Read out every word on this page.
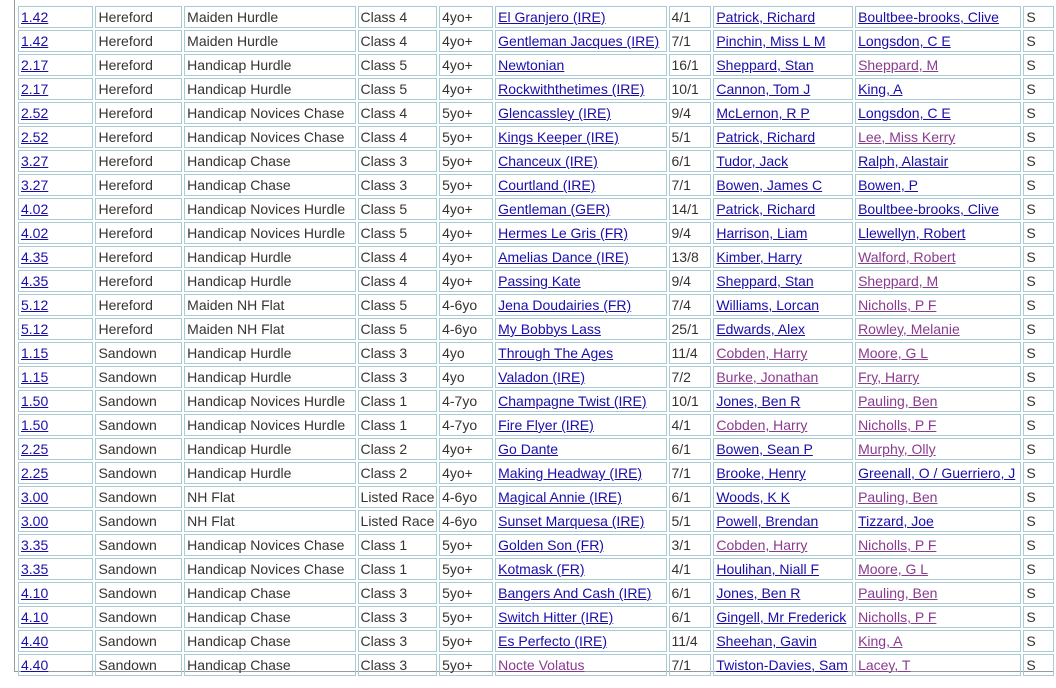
1.42	Hereford	Maiden Hurdle	Class 4	4yo+	El Granjero (IRE)	4/1	Patrick, Richard	Boultbee-brooks, Clive	S
1.42	Hereford	Maiden Hurdle	Class 4	4yo+	Gentleman Jacques (IRE)	7/1	Pinchin, Miss L M	Longsdon, C E	S
2.17	Hereford	Handicap Hurdle	Class 5	4yo+	Newtonian	16/1	Sheppard, Stan	Sheppard, M	S
2.17	Hereford	Handicap Hurdle	Class 5	4yo+	Rockwiththetimes (IRE)	10/1	Cannon, Tom J	King, A	S
2.52	Hereford	Handicap Novices Chase	Class 4	5yo+	Glencassley (IRE)	9/4	McLernon, R P	Longsdon, C E	S
2.52	Hereford	Handicap Novices Chase	Class 4	5yo+	Kings Keeper (IRE)	5/1	Patrick, Richard	Lee, Miss Kerry	S
3.27	Hereford	Handicap Chase	Class 3	5yo+	Chanceux (IRE)	6/1	Tudor, Jack	Ralph, Alastair	S
3.27	Hereford	Handicap Chase	Class 3	5yo+	Courtland (IRE)	7/1	Bowen, James C	Bowen, P	S
4.02	Hereford	Handicap Novices Hurdle	Class 5	4yo+	Gentleman (GER)	14/1	Patrick, Richard	Boultbee-brooks, Clive	S
4.02	Hereford	Handicap Novices Hurdle	Class 5	4yo+	Hermes Le Gris (FR)	9/4	Harrison, Liam	Llewellyn, Robert	S
4.35	Hereford	Handicap Hurdle	Class 4	4yo+	Amelias Dance (IRE)	13/8	Kimber, Harry	Walford, Robert	S
4.35	Hereford	Handicap Hurdle	Class 4	4yo+	Passing Kate	9/4	Sheppard, Stan	Sheppard, M	S
5.12	Hereford	Maiden NH Flat	Class 5	4-6yo	Jena Doudairies (FR)	7/4	Williams, Lorcan	Nicholls, P F	S
5.12	Hereford	Maiden NH Flat	Class 5	4-6yo	My Bobbys Lass	25/1	Edwards, Alex	Rowley, Melanie	S
1.15	Sandown	Handicap Hurdle	Class 3	4yo	Through The Ages	11/4	Cobden, Harry	Moore, G L	S
1.15	Sandown	Handicap Hurdle	Class 3	4yo	Valadon (IRE)	7/2	Burke, Jonathan	Fry, Harry	S
1.50	Sandown	Handicap Novices Hurdle	Class 1	4-7yo	Champagne Twist (IRE)	10/1	Jones, Ben R	Pauling, Ben	S
1.50	Sandown	Handicap Novices Hurdle	Class 1	4-7yo	Fire Flyer (IRE)	4/1	Cobden, Harry	Nicholls, P F	S
2.25	Sandown	Handicap Hurdle	Class 2	4yo+	Go Dante	6/1	Bowen, Sean P	Murphy, Olly	S
2.25	Sandown	Handicap Hurdle	Class 2	4yo+	Making Headway (IRE)	7/1	Brooke, Henry	Greenall, O / Guerriero, J	S
3.00	Sandown	NH Flat	Listed Race	4-6yo	Magical Annie (IRE)	6/1	Woods, K K	Pauling, Ben	S
3.00	Sandown	NH Flat	Listed Race	4-6yo	Sunset Marquesa (IRE)	5/1	Powell, Brendan	Tizzard, Joe	S
3.35	Sandown	Handicap Novices Chase	Class 1	5yo+	Golden Son (FR)	3/1	Cobden, Harry	Nicholls, P F	S
3.35	Sandown	Handicap Novices Chase	Class 1	5yo+	Kotmask (FR)	4/1	Houlihan, Niall F	Moore, G L	S
4.10	Sandown	Handicap Chase	Class 3	5yo+	Bangers And Cash (IRE)	6/1	Jones, Ben R	Pauling, Ben	S
4.10	Sandown	Handicap Chase	Class 3	5yo+	Switch Hitter (IRE)	6/1	Gingell, Mr Frederick	Nicholls, P F	S
4.40	Sandown	Handicap Chase	Class 3	5yo+	Es Perfecto (IRE)	11/4	Sheehan, Gavin	King, A	S
4.40	Sandown	Handicap Chase	Class 3	5yo+	Nocte Volatus	7/1	Twiston-Davies, Sam	Lacey, T	S
